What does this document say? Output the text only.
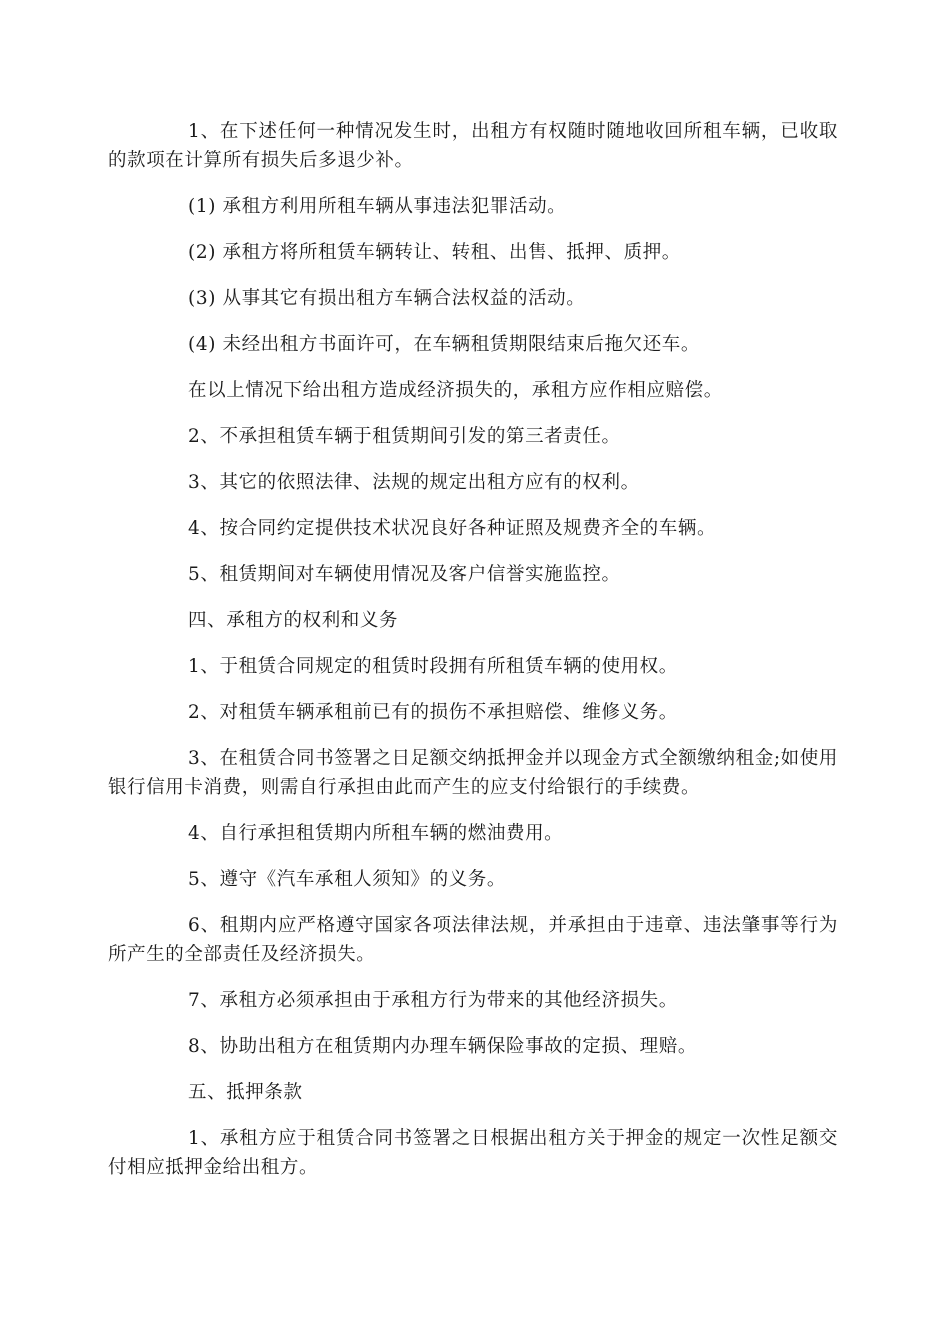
1、在下述任何一种情况发生时，出租方有权随时随地收回所租车辆，已收取的款项在计算所有损失后多退少补。

(1) 承租方利用所租车辆从事违法犯罪活动。

(2) 承租方将所租赁车辆转让、转租、出售、抵押、质押。

(3) 从事其它有损出租方车辆合法权益的活动。

(4) 未经出租方书面许可，在车辆租赁期限结束后拖欠还车。

在以上情况下给出租方造成经济损失的，承租方应作相应赔偿。

2、不承担租赁车辆于租赁期间引发的第三者责任。

3、其它的依照法律、法规的规定出租方应有的权利。

4、按合同约定提供技术状况良好各种证照及规费齐全的车辆。

5、租赁期间对车辆使用情况及客户信誉实施监控。

四、承租方的权利和义务

1、于租赁合同规定的租赁时段拥有所租赁车辆的使用权。

2、对租赁车辆承租前已有的损伤不承担赔偿、维修义务。

3、在租赁合同书签署之日足额交纳抵押金并以现金方式全额缴纳租金;如使用银行信用卡消费，则需自行承担由此而产生的应支付给银行的手续费。

4、自行承担租赁期内所租车辆的燃油费用。

5、遵守《汽车承租人须知》的义务。

6、租期内应严格遵守国家各项法律法规，并承担由于违章、违法肇事等行为所产生的全部责任及经济损失。

7、承租方必须承担由于承租方行为带来的其他经济损失。

8、协助出租方在租赁期内办理车辆保险事故的定损、理赔。

五、抵押条款

1、承租方应于租赁合同书签署之日根据出租方关于押金的规定一次性足额交付相应抵押金给出租方。
